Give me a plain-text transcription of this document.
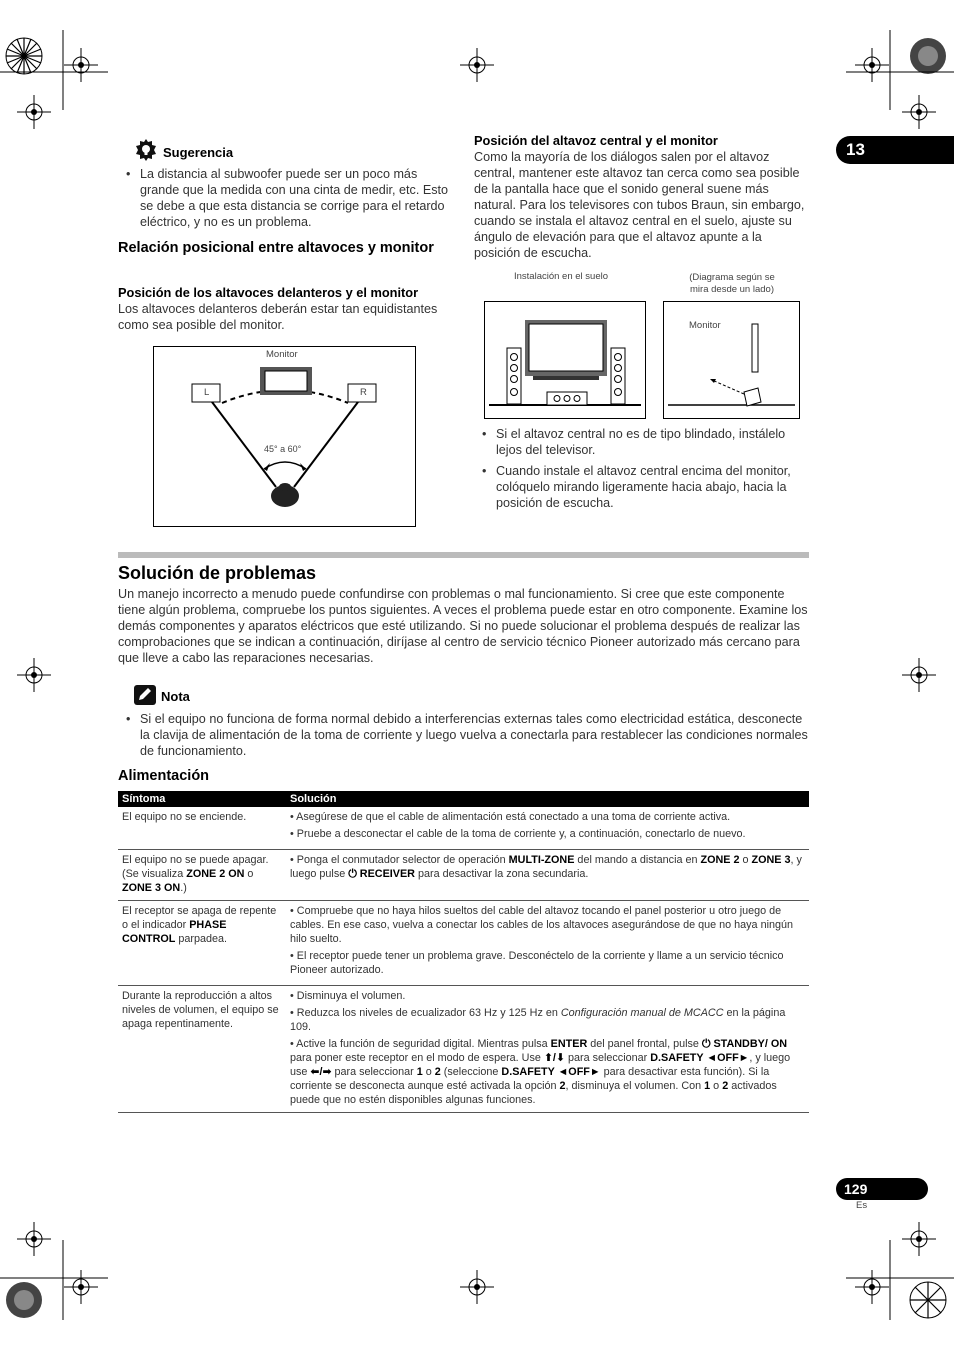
13
Sugerencia
• La distancia al subwoofer puede ser un poco más grande que la medida con una cinta de medir, etc. Esto se debe a que esta distancia se corrige para el retardo eléctrico, y no es un problema.
Relación posicional entre altavoces y monitor
Posición de los altavoces delanteros y el monitor
Los altavoces delanteros deberán estar tan equidistantes como sea posible del monitor.
Monitor
L	R
45° a 60°
Posición del altavoz central y el monitor
Como la mayoría de los diálogos salen por el altavoz central, mantener este altavoz tan cerca como sea posible de la pantalla hace que el sonido general suene más natural. Para los televisores con tubos Braun, sin embargo, cuando se instala el altavoz central en el suelo, ajuste su ángulo de elevación para que el altavoz apunte a la posición de escucha.
Instalación en el suelo	(Diagrama según se mira desde un lado)
Monitor
• Si el altavoz central no es de tipo blindado, instálelo lejos del televisor.
• Cuando instale el altavoz central encima del monitor, colóquelo mirando ligeramente hacia abajo, hacia la posición de escucha.
Solución de problemas
Un manejo incorrecto a menudo puede confundirse con problemas o mal funcionamiento. Si cree que este componente tiene algún problema, compruebe los puntos siguientes. A veces el problema puede estar en otro componente. Examine los demás componentes y aparatos eléctricos que esté utilizando. Si no puede solucionar el problema después de realizar las comprobaciones que se indican a continuación, diríjase al centro de servicio técnico Pioneer autorizado más cercano para que lleve a cabo las reparaciones necesarias.
Nota
• Si el equipo no funciona de forma normal debido a interferencias externas tales como electricidad estática, desconecte la clavija de alimentación de la toma de corriente y luego vuelva a conectarla para restablecer las condiciones normales de funcionamiento.
Alimentación
Síntoma	Solución
El equipo no se enciende.	• Asegúrese de que el cable de alimentación está conectado a una toma de corriente activa.

• Pruebe a desconectar el cable de la toma de corriente y, a continuación, conectarlo de nuevo.

El equipo no se puede apagar.
(Se visualiza ZONE 2 ON o
ZONE 3 ON.)	• Ponga el conmutador selector de operación MULTI-ZONE del mando a distancia en ZONE 2 o ZONE 3, y luego pulse ⏻ RECEIVER para desactivar la zona secundaria.

El receptor se apaga de repente o el indicador PHASE CONTROL parpadea.	• Compruebe que no haya hilos sueltos del cable del altavoz tocando el panel posterior u otro juego de cables. En ese caso, vuelva a conectar los cables de los altavoces asegurándose de que no haya ningún hilo suelto.

• El receptor puede tener un problema grave. Desconéctelo de la corriente y llame a un servicio técnico Pioneer autorizado.

Durante la reproducción a altos niveles de volumen, el equipo se apaga repentinamente.	• Disminuya el volumen.

• Reduzca los niveles de ecualizador 63 Hz y 125 Hz en Configuración manual de MCACC en la página 109.

• Active la función de seguridad digital. Mientras pulsa ENTER del panel frontal, pulse ⏻ STANDBY/ ON para poner este receptor en el modo de espera. Use ⬆/⬇ para seleccionar D.SAFETY ◄OFF►, y luego use ⬅/➡ para seleccionar 1 o 2 (seleccione D.SAFETY ◄OFF► para desactivar esta función). Si la corriente se desconecta aunque esté activada la opción 2, disminuya el volumen. Con 1 o 2 activados puede que no estén disponibles algunas funciones.

129
Es
